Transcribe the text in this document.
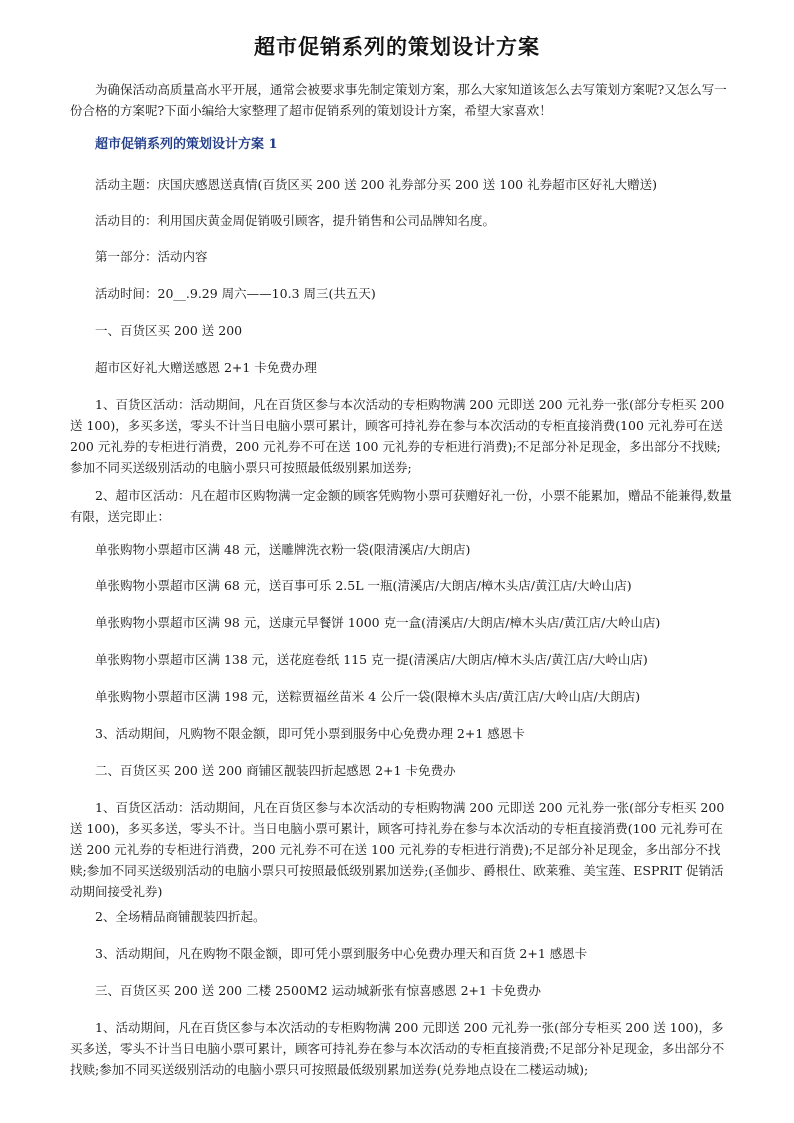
超市促销系列的策划设计方案

为确保活动高质量高水平开展，通常会被要求事先制定策划方案，那么大家知道该怎么去写策划方案呢?又怎么写一份合格的方案呢?下面小编给大家整理了超市促销系列的策划设计方案，希望大家喜欢！

超市促销系列的策划设计方案 1
活动主题：庆国庆感恩送真情(百货区买 200 送 200 礼券部分买 200 送 100 礼券超市区好礼大赠送)
活动目的：利用国庆黄金周促销吸引顾客，提升销售和公司品牌知名度。
第一部分：活动内容
活动时间：20__.9.29 周六——10.3 周三(共五天)
一、百货区买 200 送 200
超市区好礼大赠送感恩 2+1 卡免费办理

1、百货区活动：活动期间，凡在百货区参与本次活动的专柜购物满 200 元即送 200 元礼券一张(部分专柜买 200 送 100)，多买多送，零头不计当日电脑小票可累计，顾客可持礼券在参与本次活动的专柜直接消费(100 元礼券可在送 200 元礼券的专柜进行消费，200 元礼券不可在送 100 元礼券的专柜进行消费);不足部分补足现金，多出部分不找赎;参加不同买送级别活动的电脑小票只可按照最低级别累加送券;

2、超市区活动：凡在超市区购物满一定金额的顾客凭购物小票可获赠好礼一份，小票不能累加，赠品不能兼得,数量有限，送完即止：

单张购物小票超市区满 48 元，送雕牌洗衣粉一袋(限清溪店/大朗店)
单张购物小票超市区满 68 元，送百事可乐 2.5L 一瓶(清溪店/大朗店/樟木头店/黄江店/大岭山店)
单张购物小票超市区满 98 元，送康元早餐饼 1000 克一盒(清溪店/大朗店/樟木头店/黄江店/大岭山店)
单张购物小票超市区满 138 元，送花庭卷纸 115 克一提(清溪店/大朗店/樟木头店/黄江店/大岭山店)
单张购物小票超市区满 198 元，送粽贾福丝苗米 4 公斤一袋(限樟木头店/黄江店/大岭山店/大朗店)
3、活动期间，凡购物不限金额，即可凭小票到服务中心免费办理 2+1 感恩卡
二、百货区买 200 送 200 商铺区靓装四折起感恩 2+1 卡免费办

1、百货区活动：活动期间，凡在百货区参与本次活动的专柜购物满 200 元即送 200 元礼券一张(部分专柜买 200 送 100)，多买多送，零头不计。当日电脑小票可累计，顾客可持礼券在参与本次活动的专柜直接消费(100 元礼券可在送 200 元礼券的专柜进行消费，200 元礼券不可在送 100 元礼券的专柜进行消费);不足部分补足现金，多出部分不找赎;参加不同买送级别活动的电脑小票只可按照最低级别累加送券;(圣伽步、爵根仕、欧莱雅、美宝莲、ESPRIT 促销活动期间接受礼券)

2、全场精品商铺靓装四折起。
3、活动期间，凡在购物不限金额，即可凭小票到服务中心免费办理天和百货 2+1 感恩卡
三、百货区买 200 送 200 二楼 2500M2 运动城新张有惊喜感恩 2+1 卡免费办

1、活动期间，凡在百货区参与本次活动的专柜购物满 200 元即送 200 元礼券一张(部分专柜买 200 送 100)，多买多送，零头不计当日电脑小票可累计，顾客可持礼券在参与本次活动的专柜直接消费;不足部分补足现金，多出部分不找赎;参加不同买送级别活动的电脑小票只可按照最低级别累加送券(兑券地点设在二楼运动城);
